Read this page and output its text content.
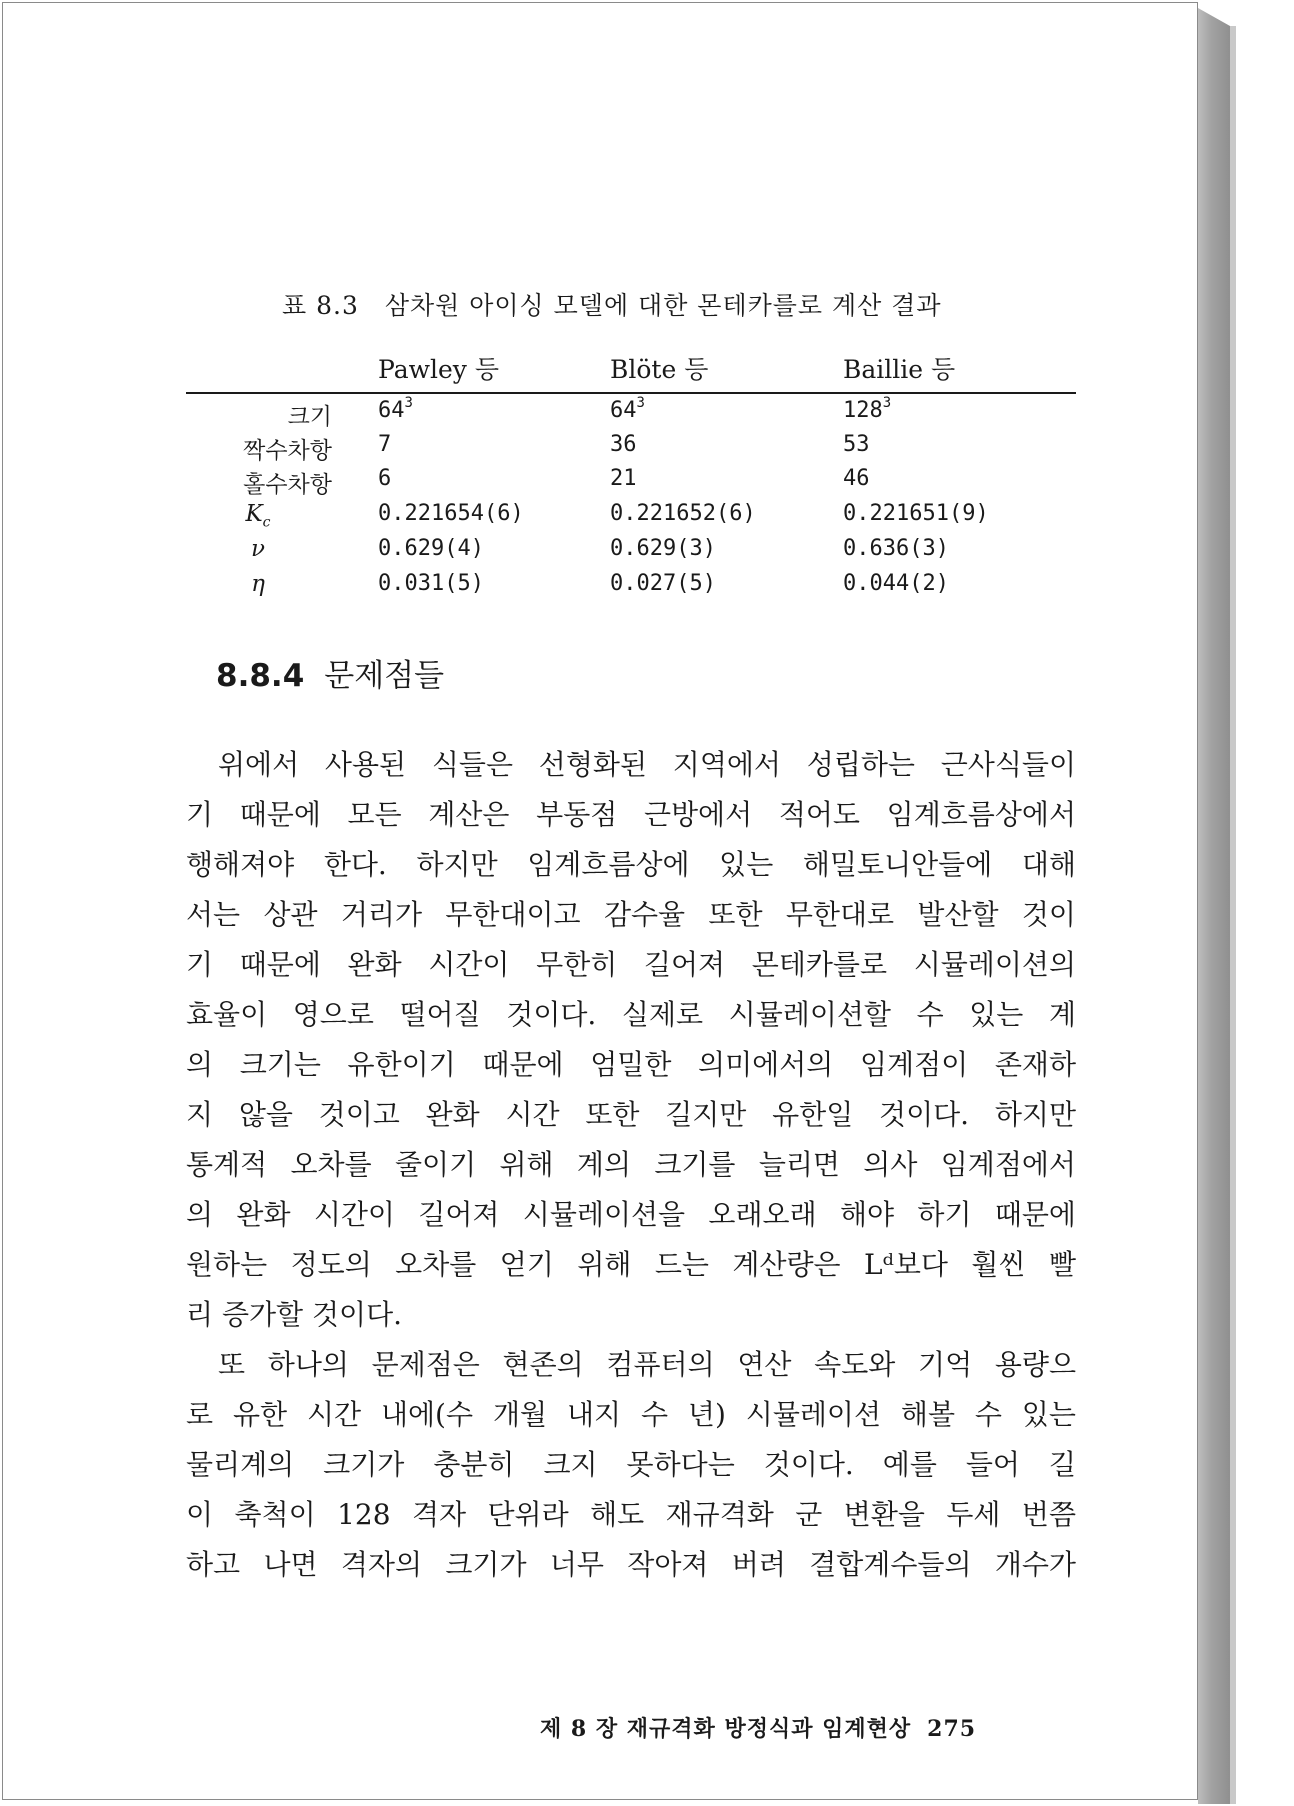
표 8.3 삼차원 아이싱 모델에 대한 몬테카를로 계산 결과
Pawley 등	Blöte 등	Baillie 등
크기 $64^3$	$64^3$	$128^3$
짝수차항 7	36	53
홀수차항 6	21	46
$K_c$	0.221654(6)	0.221652(6)	0.221651(9)
ν	0.629(4)	0.629(3)	0.636(3)
η	0.031(5)	0.027(5)	0.044(2)
8.8.4 문제점들
위에서 사용된 식들은 선형화된 지역에서 성립하는 근사식들이
기 때문에 모든 계산은 부동점 근방에서 적어도 임계흐름상에서
행해져야 한다. 하지만 임계흐름상에 있는 해밀토니안들에 대해
서는 상관 거리가 무한대이고 감수율 또한 무한대로 발산할 것이
기 때문에 완화 시간이 무한히 길어져 몬테카를로 시뮬레이션의
효율이 영으로 떨어질 것이다. 실제로 시뮬레이션할 수 있는 계
의 크기는 유한이기 때문에 엄밀한 의미에서의 임계점이 존재하
지 않을 것이고 완화 시간 또한 길지만 유한일 것이다. 하지만
통계적 오차를 줄이기 위해 계의 크기를 늘리면 의사 임계점에서
의 완화 시간이 길어져 시뮬레이션을 오래오래 해야 하기 때문에
원하는 정도의 오차를 얻기 위해 드는 계산량은 Lᵈ보다 훨씬 빨
리 증가할 것이다.
또 하나의 문제점은 현존의 컴퓨터의 연산 속도와 기억 용량으
로 유한 시간 내에(수 개월 내지 수 년) 시뮬레이션 해볼 수 있는
물리계의 크기가 충분히 크지 못하다는 것이다. 예를 들어 길
이 축척이 128 격자 단위라 해도 재규격화 군 변환을 두세 번쯤
하고 나면 격자의 크기가 너무 작아져 버려 결합계수들의 개수가
제 8 장 재규격화 방정식과 임계현상 275
